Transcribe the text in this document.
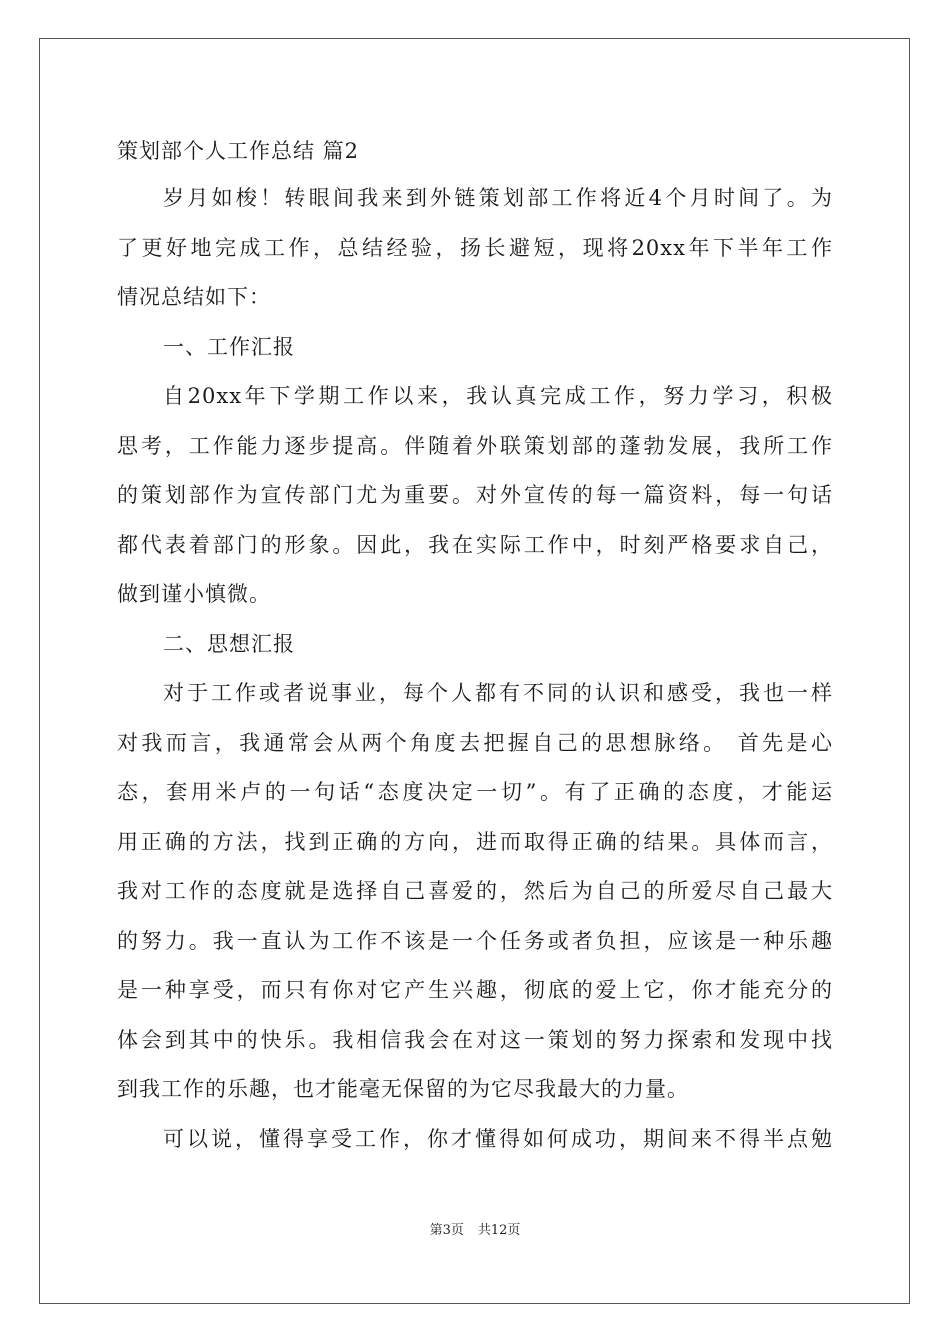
策划部个人工作总结 篇2
岁月如梭！转眼间我来到外链策划部工作将近4个月时间了。为
了更好地完成工作，总结经验，扬长避短，现将20xx年下半年工作
情况总结如下：
一、工作汇报
自20xx年下学期工作以来，我认真完成工作，努力学习，积极
思考，工作能力逐步提高。伴随着外联策划部的蓬勃发展，我所工作
的策划部作为宣传部门尤为重要。对外宣传的每一篇资料，每一句话
都代表着部门的形象。因此，我在实际工作中，时刻严格要求自己，
做到谨小慎微。
二、思想汇报
对于工作或者说事业，每个人都有不同的认识和感受，我也一样
对我而言，我通常会从两个角度去把握自己的思想脉络。 首先是心
态，套用米卢的一句话“态度决定一切”。有了正确的态度，才能运
用正确的方法，找到正确的方向，进而取得正确的结果。具体而言，
我对工作的态度就是选择自己喜爱的，然后为自己的所爱尽自己最大
的努力。我一直认为工作不该是一个任务或者负担，应该是一种乐趣
是一种享受，而只有你对它产生兴趣，彻底的爱上它，你才能充分的
体会到其中的快乐。我相信我会在对这一策划的努力探索和发现中找
到我工作的乐趣，也才能毫无保留的为它尽我最大的力量。
可以说，懂得享受工作，你才懂得如何成功，期间来不得半点勉
第3页 共12页
